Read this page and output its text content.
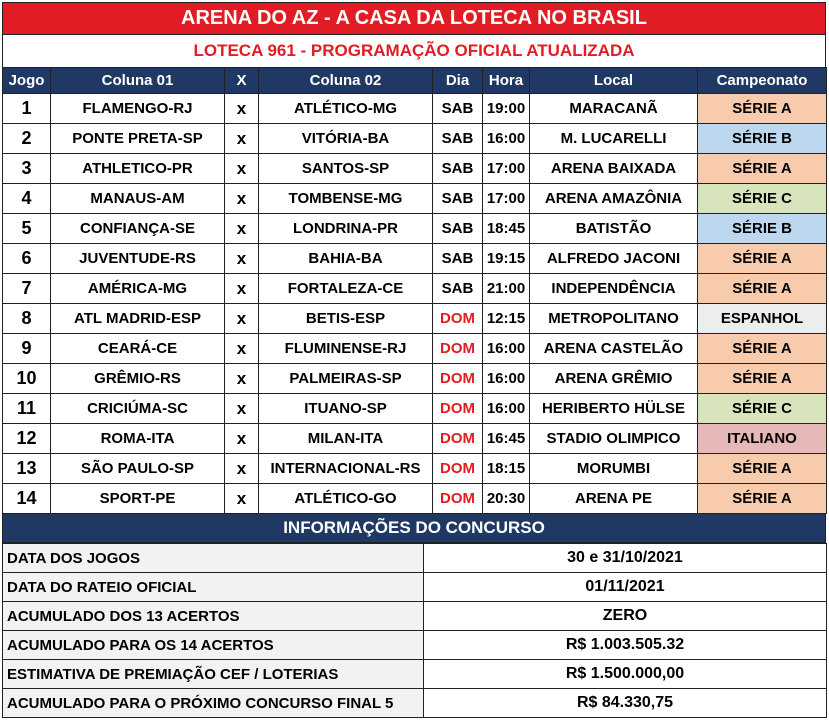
ARENA DO AZ - A CASA DA LOTECA NO BRASIL
LOTECA 961 - PROGRAMAÇÃO OFICIAL ATUALIZADA
Jogo	Coluna 01	X	Coluna 02	Dia	Hora	Local	Campeonato
1	FLAMENGO-RJ	x	ATLÉTICO-MG	SAB	19:00	MARACANÃ	SÉRIE A
2	PONTE PRETA-SP	x	VITÓRIA-BA	SAB	16:00	M. LUCARELLI	SÉRIE B
3	ATHLETICO-PR	x	SANTOS-SP	SAB	17:00	ARENA BAIXADA	SÉRIE A
4	MANAUS-AM	x	TOMBENSE-MG	SAB	17:00	ARENA AMAZÔNIA	SÉRIE C
5	CONFIANÇA-SE	x	LONDRINA-PR	SAB	18:45	BATISTÃO	SÉRIE B
6	JUVENTUDE-RS	x	BAHIA-BA	SAB	19:15	ALFREDO JACONI	SÉRIE A
7	AMÉRICA-MG	x	FORTALEZA-CE	SAB	21:00	INDEPENDÊNCIA	SÉRIE A
8	ATL MADRID-ESP	x	BETIS-ESP	DOM	12:15	METROPOLITANO	ESPANHOL
9	CEARÁ-CE	x	FLUMINENSE-RJ	DOM	16:00	ARENA CASTELÃO	SÉRIE A
10	GRÊMIO-RS	x	PALMEIRAS-SP	DOM	16:00	ARENA GRÊMIO	SÉRIE A
11	CRICIÚMA-SC	x	ITUANO-SP	DOM	16:00	HERIBERTO HÜLSE	SÉRIE C
12	ROMA-ITA	x	MILAN-ITA	DOM	16:45	STADIO OLIMPICO	ITALIANO
13	SÃO PAULO-SP	x	INTERNACIONAL-RS	DOM	18:15	MORUMBI	SÉRIE A
14	SPORT-PE	x	ATLÉTICO-GO	DOM	20:30	ARENA PE	SÉRIE A
INFORMAÇÕES DO CONCURSO
DATA DOS JOGOS	30 e 31/10/2021
DATA DO RATEIO OFICIAL	01/11/2021
ACUMULADO DOS 13 ACERTOS	ZERO
ACUMULADO PARA OS 14 ACERTOS	R$ 1.003.505.32
ESTIMATIVA DE PREMIAÇÃO CEF / LOTERIAS	R$ 1.500.000,00
ACUMULADO PARA O PRÓXIMO CONCURSO FINAL 5	R$ 84.330,75
